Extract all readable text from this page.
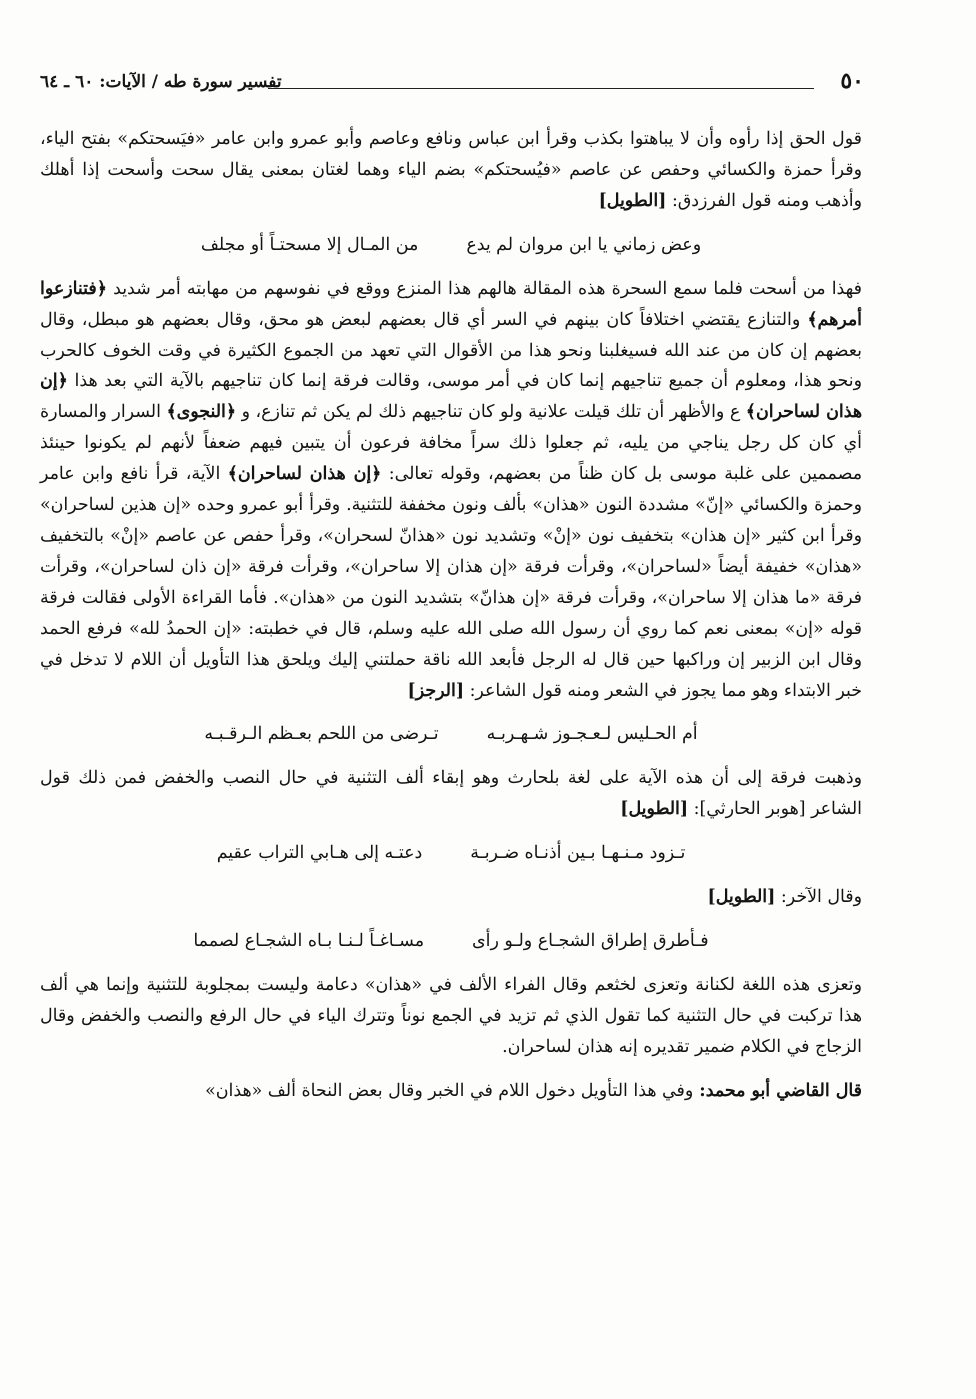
٥٠
تفسير سورة طه / الآيات: ٦٠ ـ ٦٤

قول الحق إذا رأوه وأن لا يباهتوا بكذب وقرأ ابن عباس ونافع وعاصم وأبو عمرو وابن عامر «فيَسحتكم» بفتح الياء، وقرأ حمزة والكسائي وحفص عن عاصم «فيُسحتكم» بضم الياء وهما لغتان بمعنى يقال سحت وأسحت إذا أهلك وأذهب ومنه قول الفرزدق: [الطويل]

وعض زماني يا ابن مروان لم يدع
من المـال إلا مسحتـاً أو مجلف

فهذا من أسحت فلما سمع السحرة هذه المقالة هالهم هذا المنزع ووقع في نفوسهم من مهابته أمر شديد ﴿فتنازعوا أمرهم﴾ والتنازع يقتضي اختلافاً كان بينهم في السر أي قال بعضهم لبعض هو محق، وقال بعضهم هو مبطل، وقال بعضهم إن كان من عند الله فسيغلبنا ونحو هذا من الأقوال التي تعهد من الجموع الكثيرة في وقت الخوف كالحرب ونحو هذا، ومعلوم أن جميع تناجيهم إنما كان في أمر موسى، وقالت فرقة إنما كان تناجيهم بالآية التي بعد هذا ﴿إن هذان لساحران﴾ ع والأظهر أن تلك قيلت علانية ولو كان تناجيهم ذلك لم يكن ثم تنازع، و ﴿النجوى﴾ السرار والمسارة أي كان كل رجل يناجي من يليه، ثم جعلوا ذلك سراً مخافة فرعون أن يتبين فيهم ضعفاً لأنهم لم يكونوا حينئذ مصممين على غلبة موسى بل كان ظناً من بعضهم، وقوله تعالى: ﴿إن هذان لساحران﴾ الآية، قرأ نافع وابن عامر وحمزة والكسائي «إنّ» مشددة النون «هذان» بألف ونون مخففة للتثنية. وقرأ أبو عمرو وحده «إن هذين لساحران» وقرأ ابن كثير «إن هذان» بتخفيف نون «إنْ» وتشديد نون «هذانّ لسحران»، وقرأ حفص عن عاصم «إنْ» بالتخفيف «هذان» خفيفة أيضاً «لساحران»، وقرأت فرقة «إن هذان إلا ساحران»، وقرأت فرقة «إن ذان لساحران»، وقرأت فرقة «ما هذان إلا ساحران»، وقرأت فرقة «إن هذانّ» بتشديد النون من «هذان». فأما القراءة الأولى فقالت فرقة قوله «إن» بمعنى نعم كما روي أن رسول الله صلى الله عليه وسلم، قال في خطبته: «إن الحمدُ لله» فرفع الحمد وقال ابن الزبير إن وراكبها حين قال له الرجل فأبعد الله ناقة حملتني إليك ويلحق هذا التأويل أن اللام لا تدخل في خبر الابتداء وهو مما يجوز في الشعر ومنه قول الشاعر: [الرجز]

أم الحـليس لـعـجـوز شـهـربـه
تـرضى من اللحم بعـظم الـرقـبـه

وذهبت فرقة إلى أن هذه الآية على لغة بلحارث وهو إبقاء ألف التثنية في حال النصب والخفض فمن ذلك قول الشاعر [هوبر الحارثي]: [الطويل]

تـزود مـنـهـا بـين أذنـاه ضـربـة
دعتـه إلى هـابي التراب عقيم

وقال الآخر: [الطويل]

فـأطرق إطراق الشجـاع ولـو رأى
مسـاغـاً لـنـا بـاه الشجـاع لصمما

وتعزى هذه اللغة لكنانة وتعزى لخثعم وقال الفراء الألف في «هذان» دعامة وليست بمجلوبة للتثنية وإنما هي ألف هذا تركبت في حال التثنية كما تقول الذي ثم تزيد في الجمع نوناً وتترك الياء في حال الرفع والنصب والخفض وقال الزجاج في الكلام ضمير تقديره إنه هذان لساحران.

قال القاضي أبو محمد: وفي هذا التأويل دخول اللام في الخبر وقال بعض النحاة ألف «هذان»
